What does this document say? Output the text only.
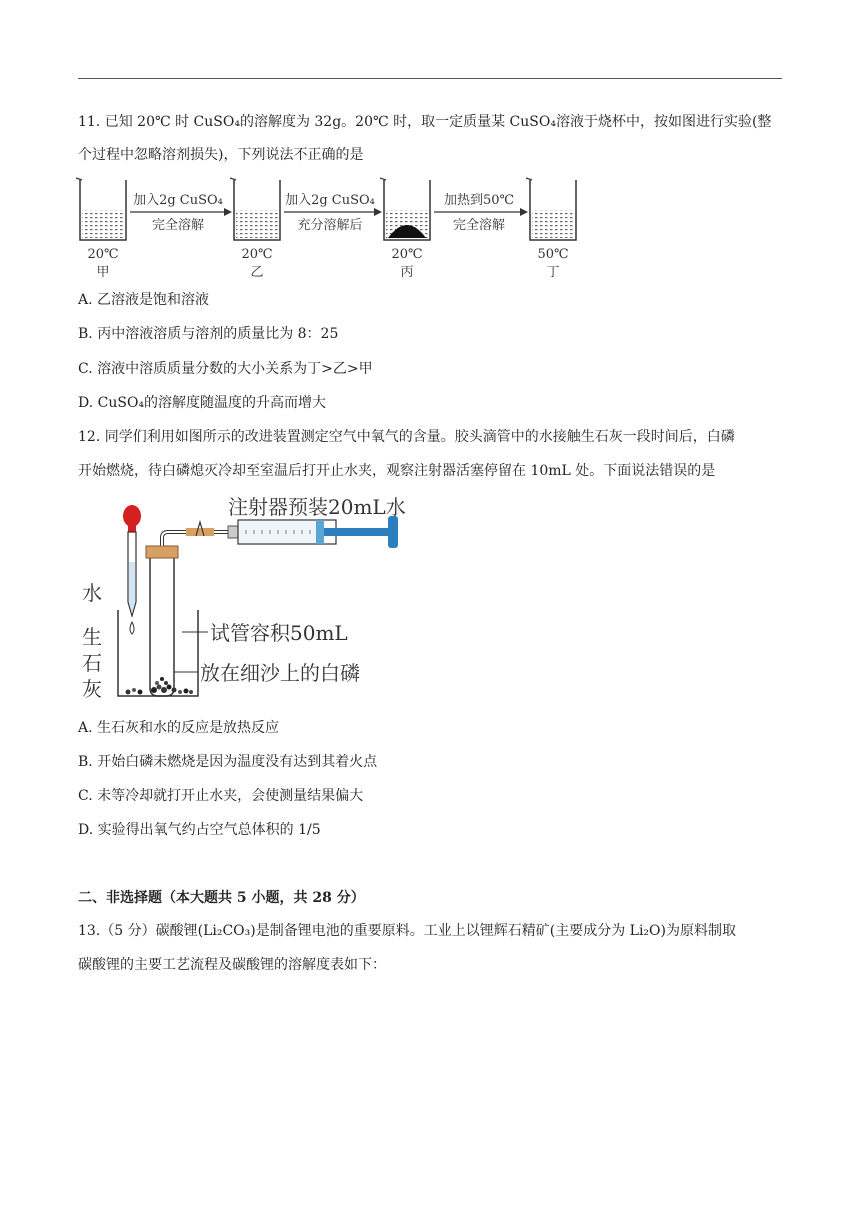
11. 已知 20℃ 时 CuSO₄的溶解度为 32g。20℃ 时，取一定质量某 CuSO₄溶液于烧杯中，按如图进行实验(整
个过程中忽略溶剂损失)，下列说法不正确的是
加入2g CuSO₄
完全溶解
加入2g CuSO₄
充分溶解后
加热到50℃
完全溶解
20℃
甲
20℃
乙
20℃
丙
50℃
丁
A. 乙溶液是饱和溶液
B. 丙中溶液溶质与溶剂的质量比为 8：25
C. 溶液中溶质质量分数的大小关系为丁>乙>甲
D. CuSO₄的溶解度随温度的升高而增大
12. 同学们利用如图所示的改进装置测定空气中氧气的含量。胶头滴管中的水接触生石灰一段时间后，白磷
开始燃烧，待白磷熄灭冷却至室温后打开止水夹，观察注射器活塞停留在 10mL 处。下面说法错误的是
注射器预装20mL水
水
生
石
灰
试管容积50mL
放在细沙上的白磷
A. 生石灰和水的反应是放热反应
B. 开始白磷未燃烧是因为温度没有达到其着火点
C. 未等冷却就打开止水夹，会使测量结果偏大
D. 实验得出氧气约占空气总体积的 1/5
二、非选择题（本大题共 5 小题，共 28 分）
13.（5 分）碳酸锂(Li₂CO₃)是制备锂电池的重要原料。工业上以锂辉石精矿(主要成分为 Li₂O)为原料制取
碳酸锂的主要工艺流程及碳酸锂的溶解度表如下：
